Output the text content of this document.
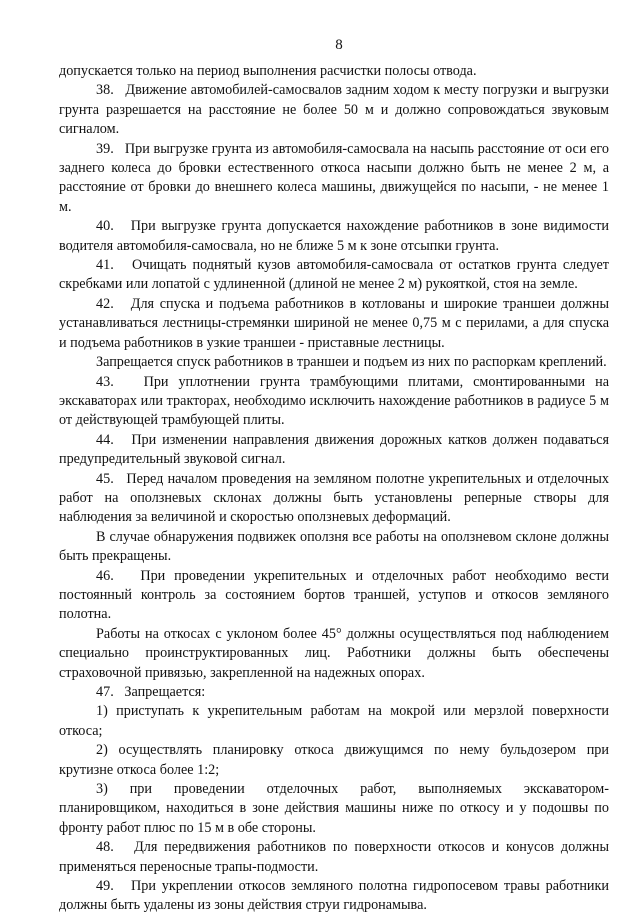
8

допускается только на период выполнения расчистки полосы отвода.

38.   Движение автомобилей-самосвалов задним ходом к месту погрузки и выгрузки грунта разрешается на расстояние не более 50 м и должно сопровождаться звуковым сигналом.

39.   При выгрузке грунта из автомобиля-самосвала на насыпь расстояние от оси его заднего колеса до бровки естественного откоса насыпи должно быть не менее 2 м, а расстояние от бровки до внешнего колеса машины, движущейся по насыпи, - не менее 1 м.

40.   При выгрузке грунта допускается нахождение работников в зоне видимости водителя автомобиля-самосвала, но не ближе 5 м к зоне отсыпки грунта.

41.   Очищать поднятый кузов автомобиля-самосвала от остатков грунта следует скребками или лопатой с удлиненной (длиной не менее 2 м) рукояткой, стоя на земле.

42.   Для спуска и подъема работников в котлованы и широкие траншеи должны устанавливаться лестницы-стремянки шириной не менее 0,75 м с перилами, а для спуска и подъема работников в узкие траншеи - приставные лестницы.

Запрещается спуск работников в траншеи и подъем из них по распоркам креплений.

43.   При уплотнении грунта трамбующими плитами, смонтированными на экскаваторах или тракторах, необходимо исключить нахождение работников в радиусе 5 м от действующей трамбующей плиты.

44.   При изменении направления движения дорожных катков должен подаваться предупредительный звуковой сигнал.

45.   Перед началом проведения на земляном полотне укрепительных и отделочных работ на оползневых склонах должны быть установлены реперные створы для наблюдения за величиной и скоростью оползневых деформаций.

В случае обнаружения подвижек оползня все работы на оползневом склоне должны быть прекращены.

46.   При проведении укрепительных и отделочных работ необходимо вести постоянный контроль за состоянием бортов траншей, уступов и откосов земляного полотна.

Работы на откосах с уклоном более 45° должны осуществляться под наблюдением специально проинструктированных лиц. Работники должны быть обеспечены страховочной привязью, закрепленной на надежных опорах.

47.   Запрещается:

1) приступать к укрепительным работам на мокрой или мерзлой поверхности откоса;

2) осуществлять планировку откоса движущимся по нему бульдозером при крутизне откоса более 1:2;

3)   при   проведении   отделочных   работ,   выполняемых   экскаватором-планировщиком, находиться в зоне действия машины ниже по откосу и у подошвы по фронту работ плюс по 15 м в обе стороны.

48.   Для передвижения работников по поверхности откосов и конусов должны применяться переносные трапы-подмости.

49.   При укреплении откосов земляного полотна гидропосевом травы работники должны быть удалены из зоны действия струи гидронамыва.
